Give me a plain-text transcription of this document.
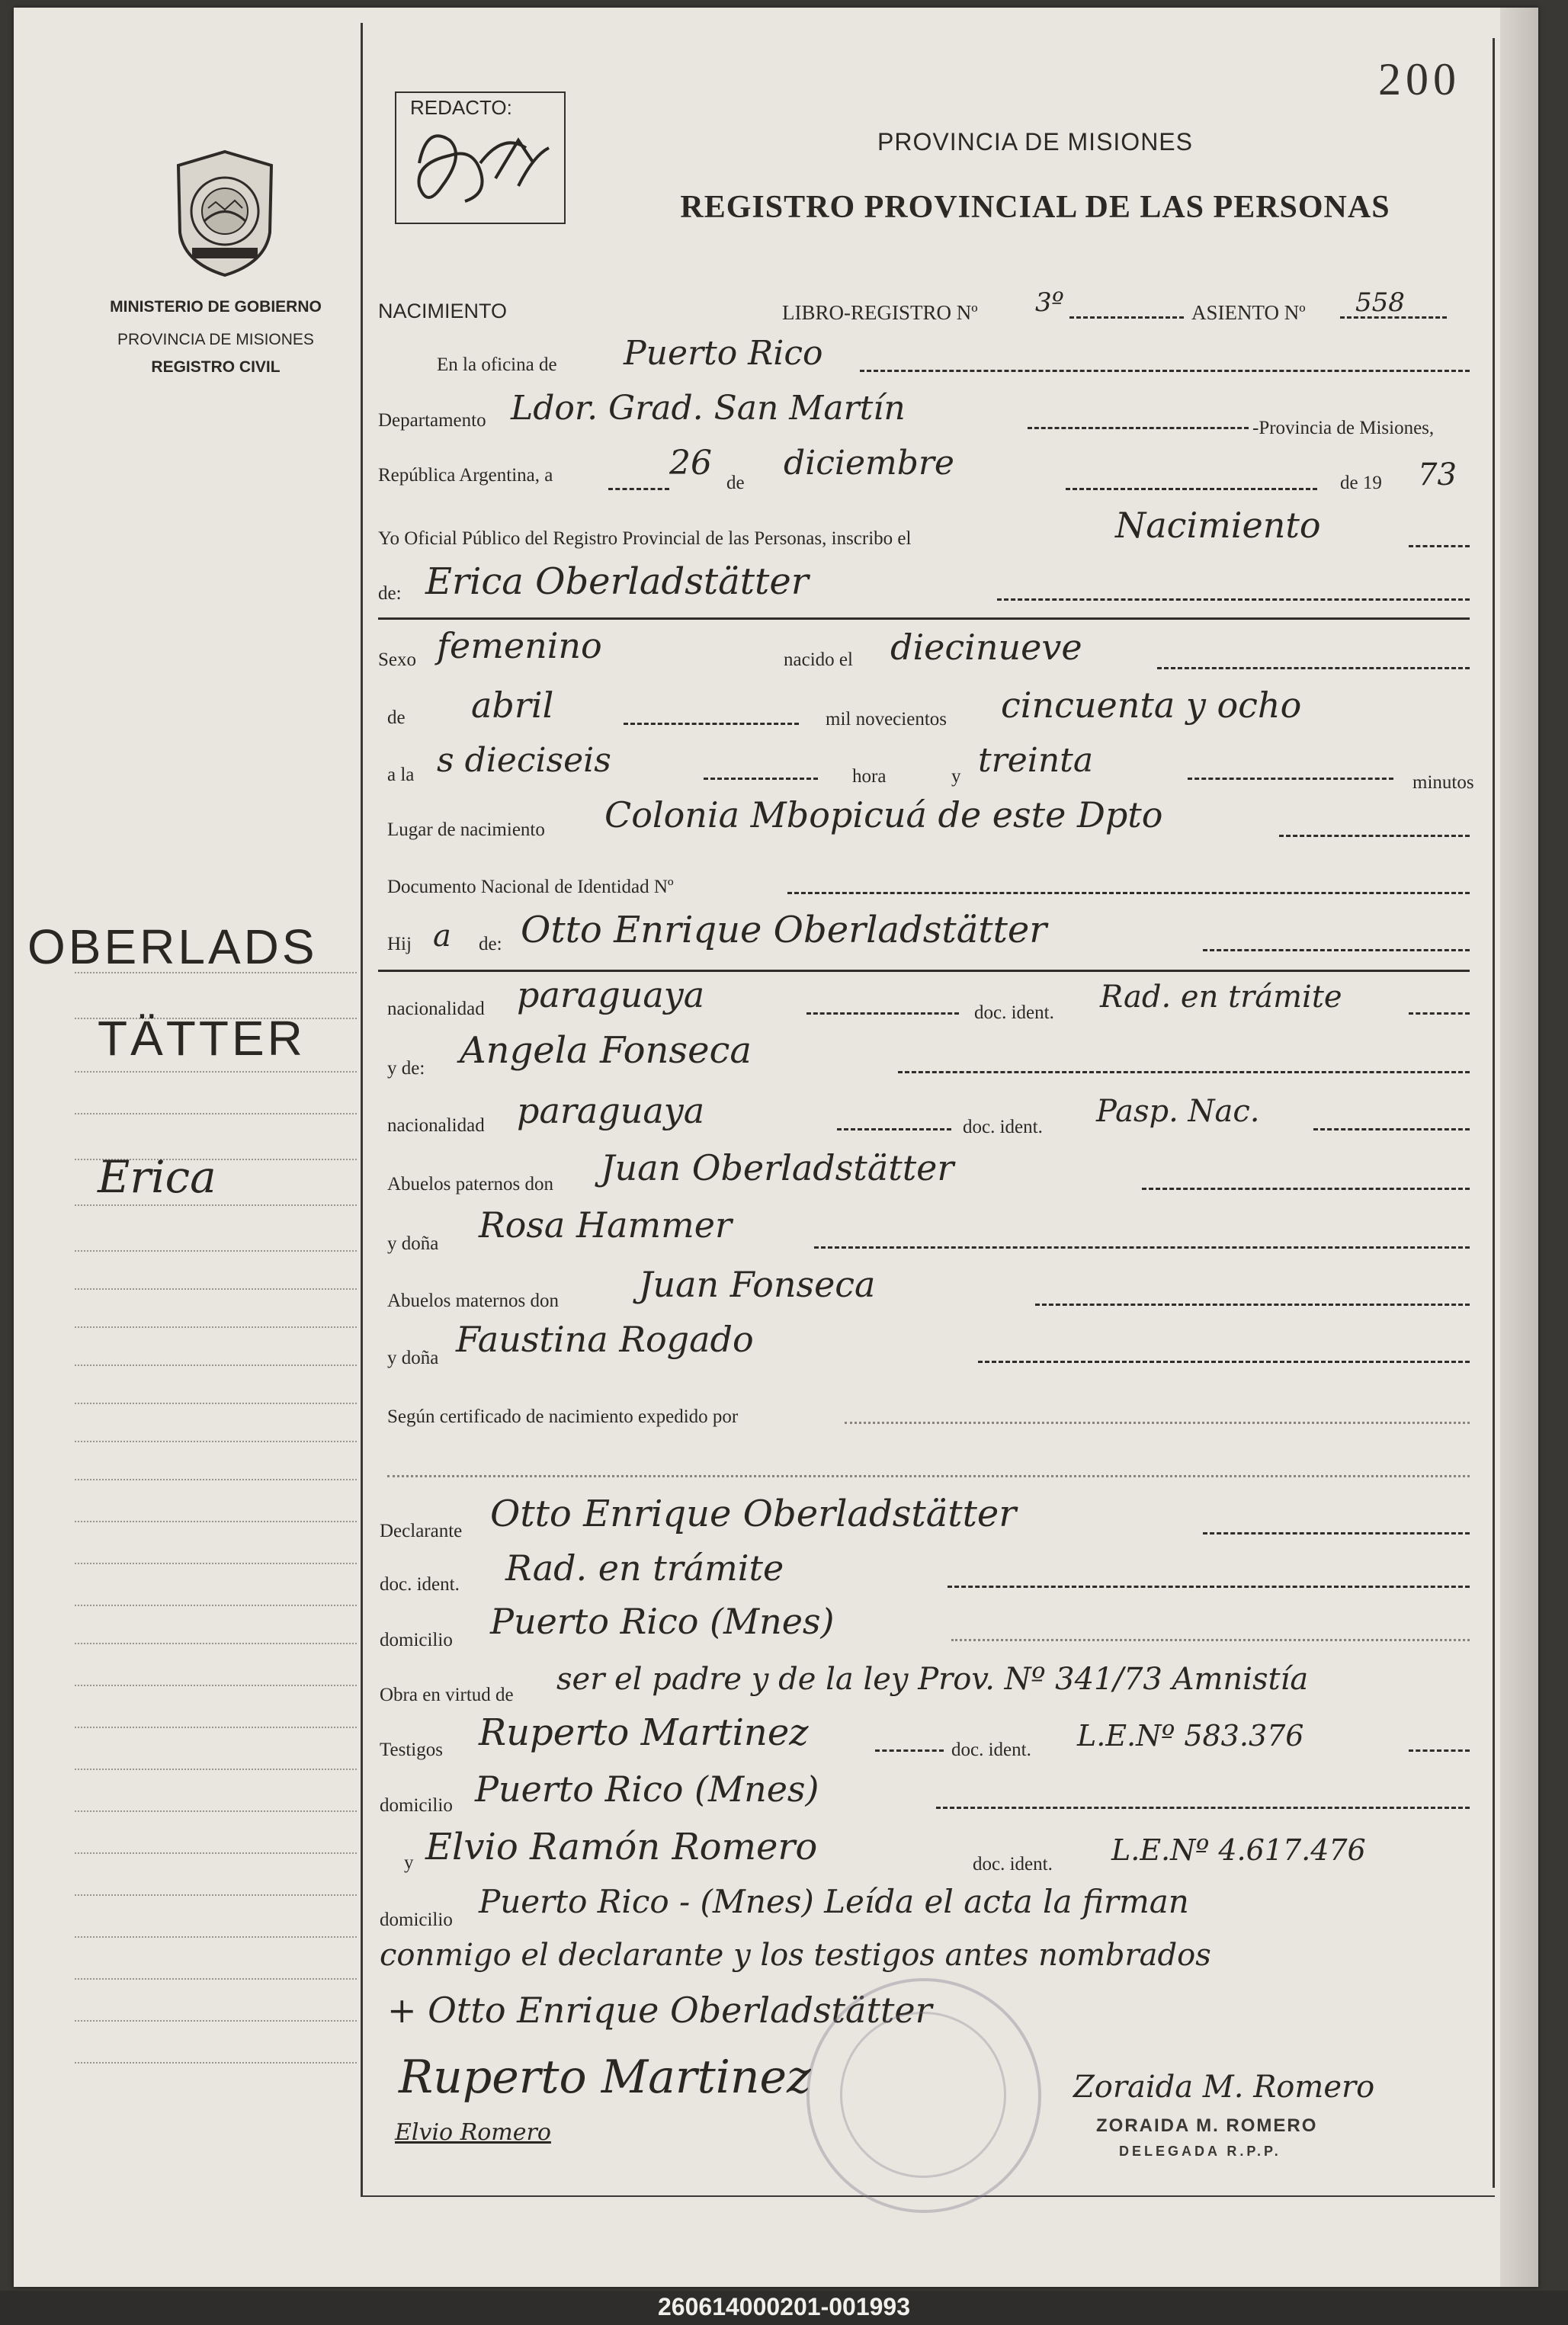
MINISTERIO DE GOBIERNO
PROVINCIA DE MISIONES
REGISTRO CIVIL
OBERLADS
TÄTTER
Erica
200
REDACTO:
PROVINCIA DE MISIONES
REGISTRO PROVINCIAL DE LAS PERSONAS
NACIMIENTO	LIBRO-REGISTRO Nº 3º	ASIENTO Nº 558
En la oficina de Puerto Rico
Departamento Ldor. Grad. San Martín
-Provincia de Misiones,
República Argentina, a	26
de
diciembre
de 19 73
Yo Oficial Público del Registro Provincial de las Personas, inscribo el	Nacimiento
de: Erica Oberladstätter
Sexo femenino	nacido el diecinueve
de abril	mil novecientos cincuenta y ocho
a la s dieciseis	hora	y treinta
minutos
Lugar de nacimiento Colonia Mbopicuá de este Dpto
Documento Nacional de Identidad Nº
Hij a de: Otto Enrique Oberladstätter
nacionalidad paraguaya	doc. ident. Rad. en trámite
y de: Angela Fonseca
nacionalidad paraguaya	doc. ident. Pasp. Nac.
Abuelos paternos don Juan Oberladstätter
y doña Rosa Hammer
Abuelos maternos don Juan Fonseca
y doña Faustina Rogado
Según certificado de nacimiento expedido por
Declarante Otto Enrique Oberladstätter
doc. ident. Rad. en trámite
domicilio Puerto Rico (Mnes)
Obra en virtud de ser el padre y de la ley Prov. Nº 341/73 Amnistía
Testigos Ruperto Martinez	doc. ident. L.E.Nº 583.376
domicilio Puerto Rico (Mnes)
y Elvio Ramón Romero	doc. ident. L.E.Nº 4.617.476
domicilio Puerto Rico - (Mnes) Leída el acta la firman
conmigo el declarante y los testigos antes nombrados
+ Otto Enrique Oberladstätter
Ruperto Martinez
Elvio Romero
Zoraida M. Romero
ZORAIDA M. ROMERO
DELEGADA R.P.P.
260614000201-001993
